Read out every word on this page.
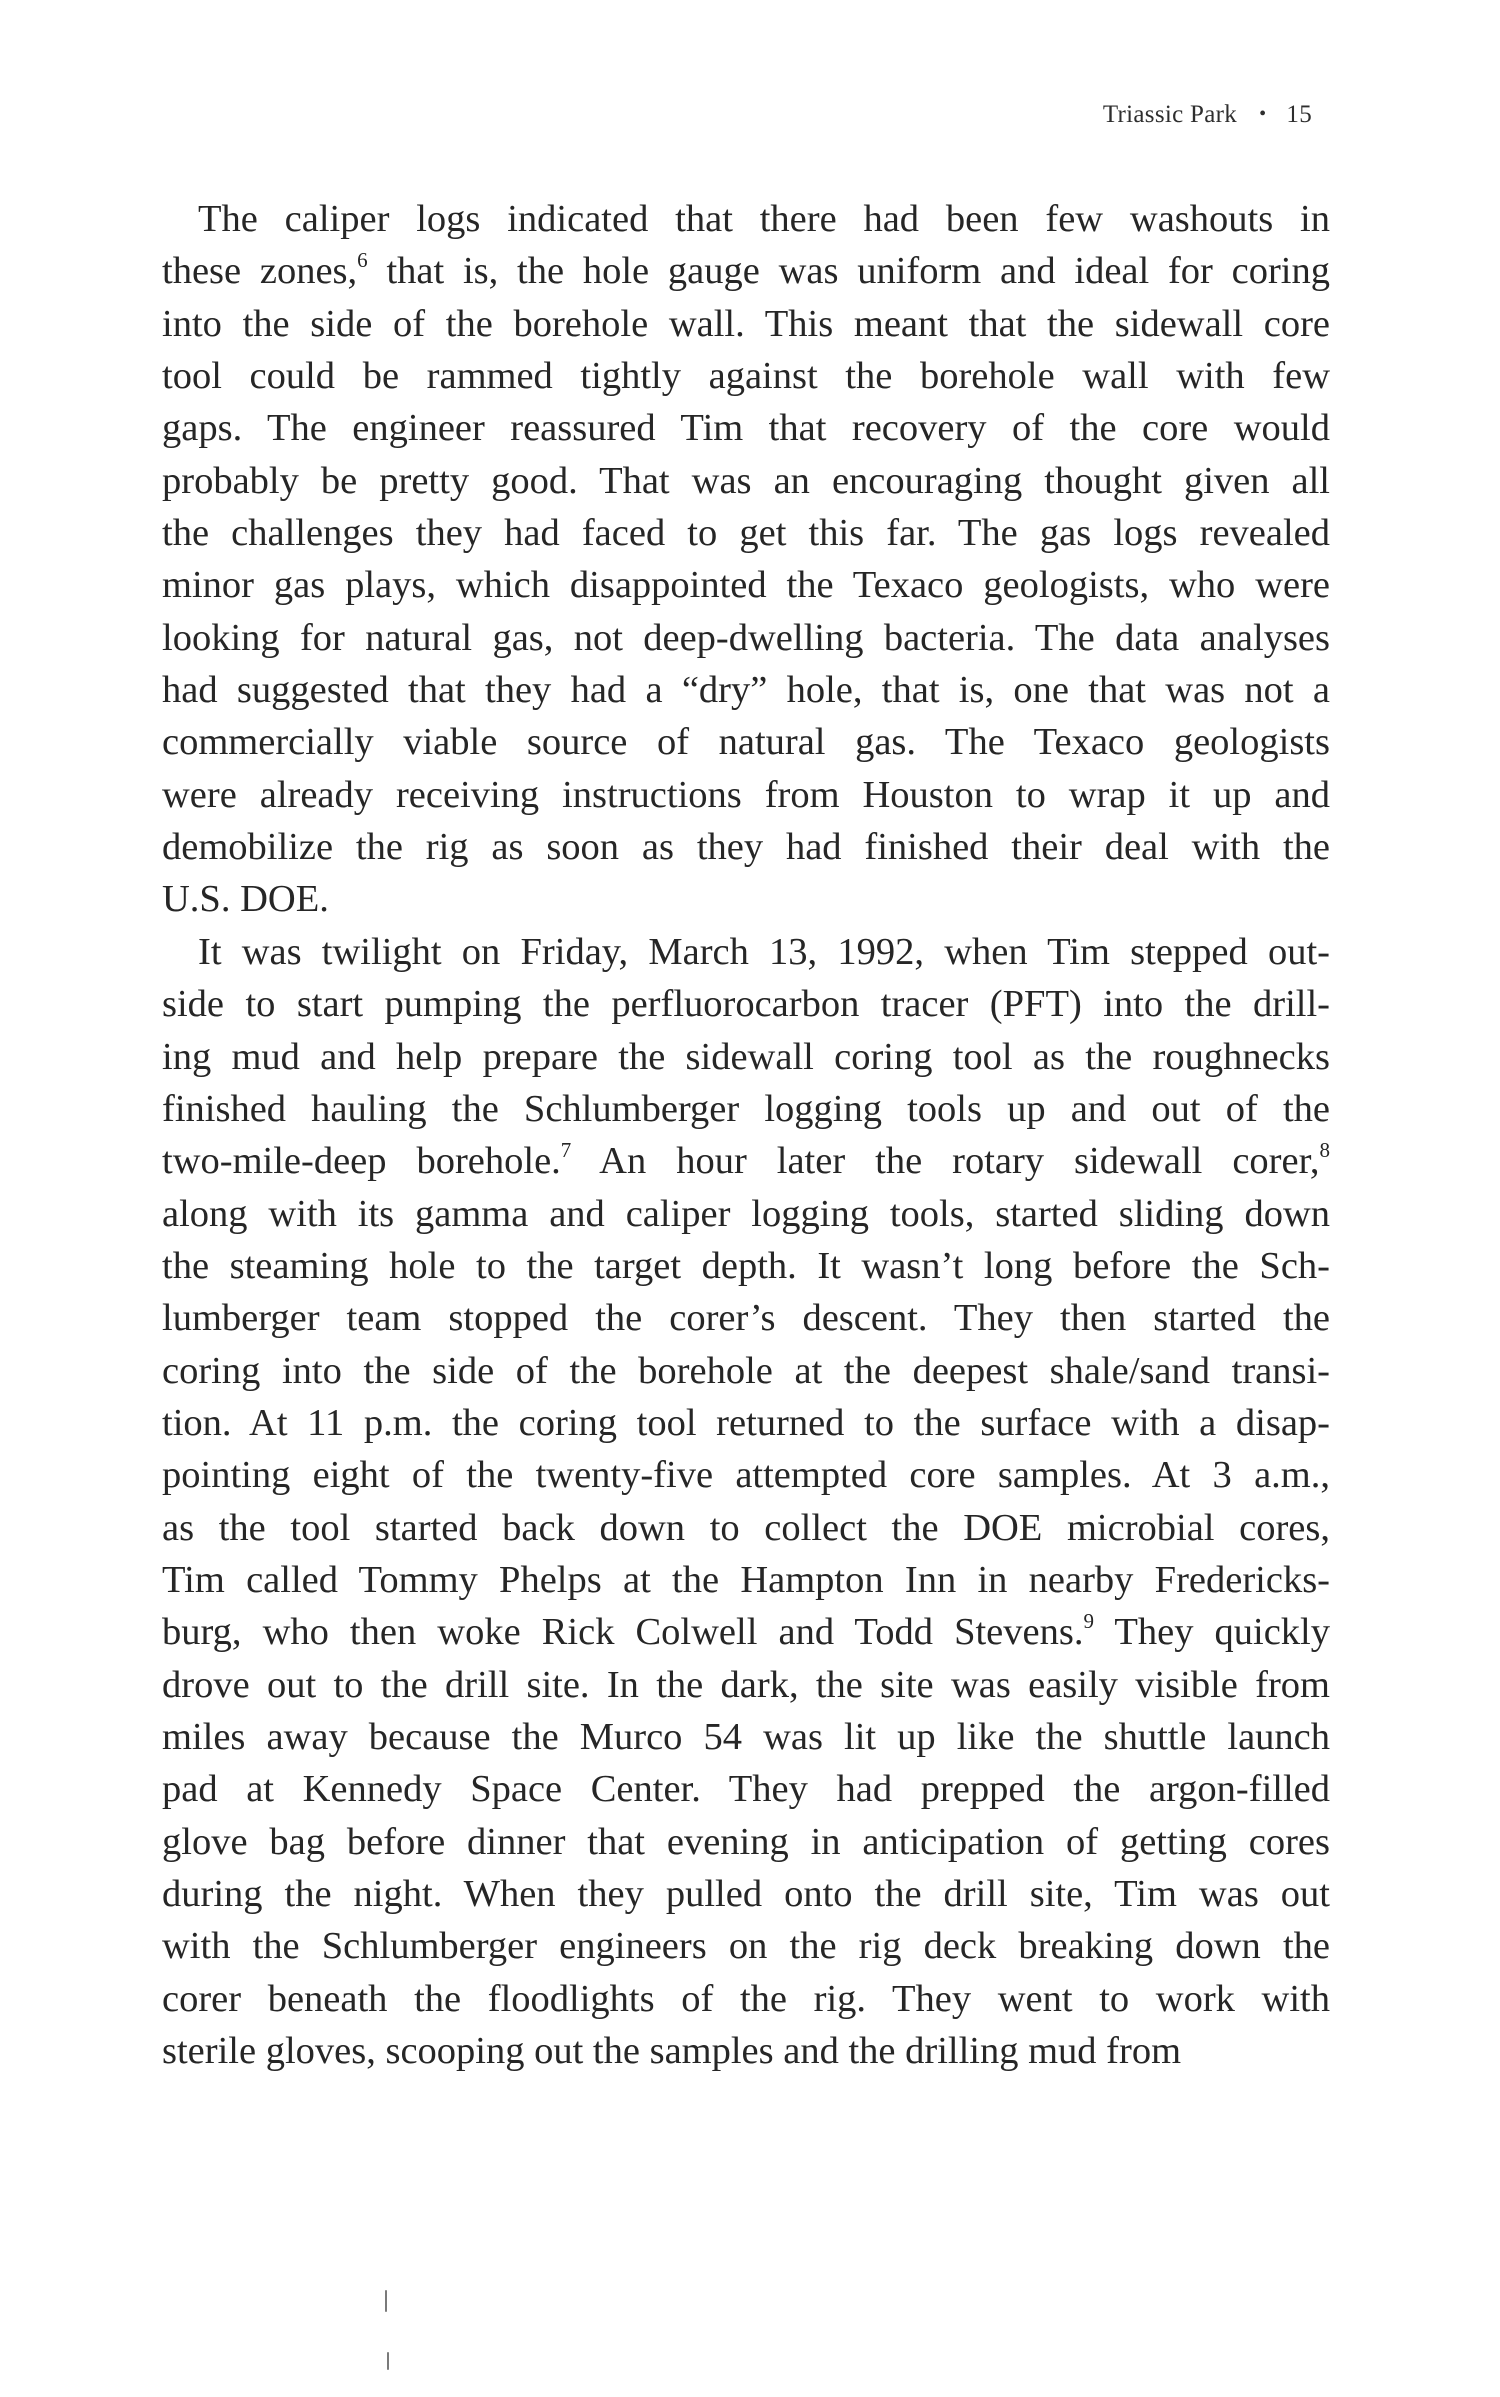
Triassic Park • 15
The caliper logs indicated that there had been few washouts in
these zones,$^6$ that is, the hole gauge was uniform and ideal for coring
into the side of the borehole wall. This meant that the sidewall core
tool could be rammed tightly against the borehole wall with few
gaps. The engineer reassured Tim that recovery of the core would
probably be pretty good. That was an encouraging thought given all
the challenges they had faced to get this far. The gas logs revealed
minor gas plays, which disappointed the Texaco geologists, who were
looking for natural gas, not deep-dwelling bacteria. The data analyses
had suggested that they had a “dry” hole, that is, one that was not a
commercially viable source of natural gas. The Texaco geologists
were already receiving instructions from Houston to wrap it up and
demobilize the rig as soon as they had finished their deal with the
U.S. DOE.
It was twilight on Friday, March 13, 1992, when Tim stepped out-
side to start pumping the perfluorocarbon tracer (PFT) into the drill-
ing mud and help prepare the sidewall coring tool as the roughnecks
finished hauling the Schlumberger logging tools up and out of the
two-mile-deep borehole.$^7$ An hour later the rotary sidewall corer,$^8$
along with its gamma and caliper logging tools, started sliding down
the steaming hole to the target depth. It wasn’t long before the Sch-
lumberger team stopped the corer’s descent. They then started the
coring into the side of the borehole at the deepest shale/sand transi-
tion. At 11 p.m. the coring tool returned to the surface with a disap-
pointing eight of the twenty-five attempted core samples. At 3 a.m.,
as the tool started back down to collect the DOE microbial cores,
Tim called Tommy Phelps at the Hampton Inn in nearby Fredericks-
burg, who then woke Rick Colwell and Todd Stevens.$^9$ They quickly
drove out to the drill site. In the dark, the site was easily visible from
miles away because the Murco 54 was lit up like the shuttle launch
pad at Kennedy Space Center. They had prepped the argon-filled
glove bag before dinner that evening in anticipation of getting cores
during the night. When they pulled onto the drill site, Tim was out
with the Schlumberger engineers on the rig deck breaking down the
corer beneath the floodlights of the rig. They went to work with
sterile gloves, scooping out the samples and the drilling mud from
